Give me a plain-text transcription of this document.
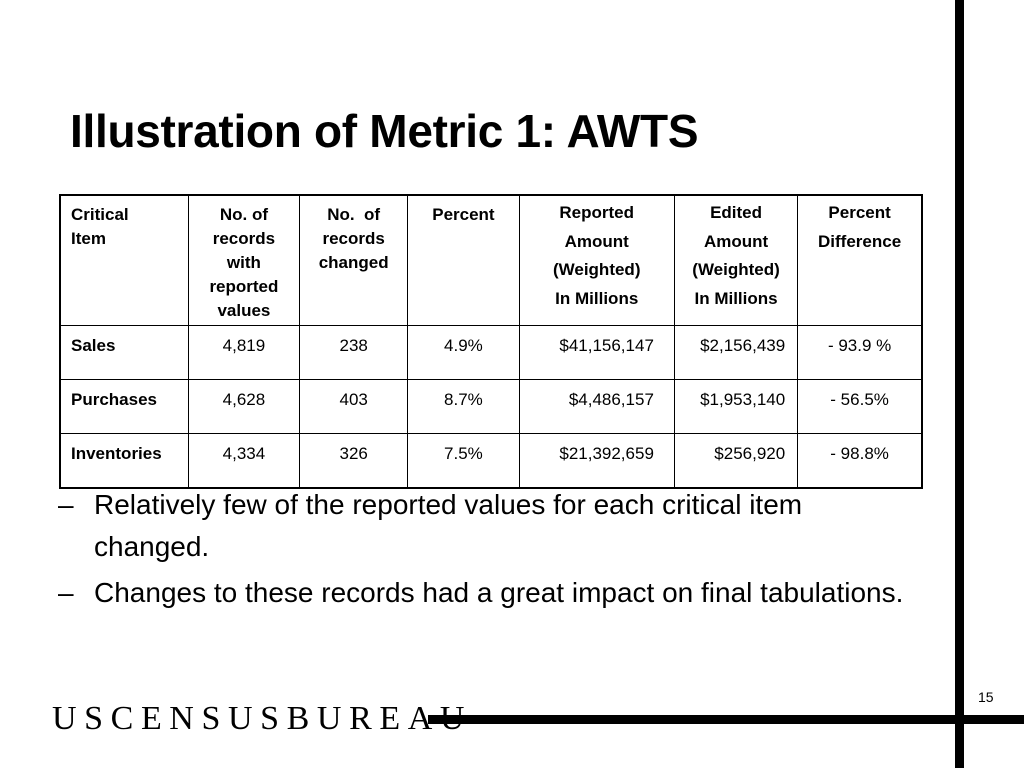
Illustration of Metric 1: AWTS
Critical
Item	No. of
records
with
reported
values	No.  of
records
changed	Percent	Reported
Amount
(Weighted)
In Millions	Edited
Amount
(Weighted)
In Millions	Percent
Difference
Sales	4,819	238	4.9%	$41,156,147	$2,156,439	- 93.9 %
Purchases	4,628	403	8.7%	$4,486,157	$1,953,140	- 56.5%
Inventories	4,334	326	7.5%	$21,392,659	$256,920	- 98.8%
– Relatively few of the reported values for each critical item changed.
– Changes to these records had a great impact on final tabulations.
USCENSUSBUREAU
15
